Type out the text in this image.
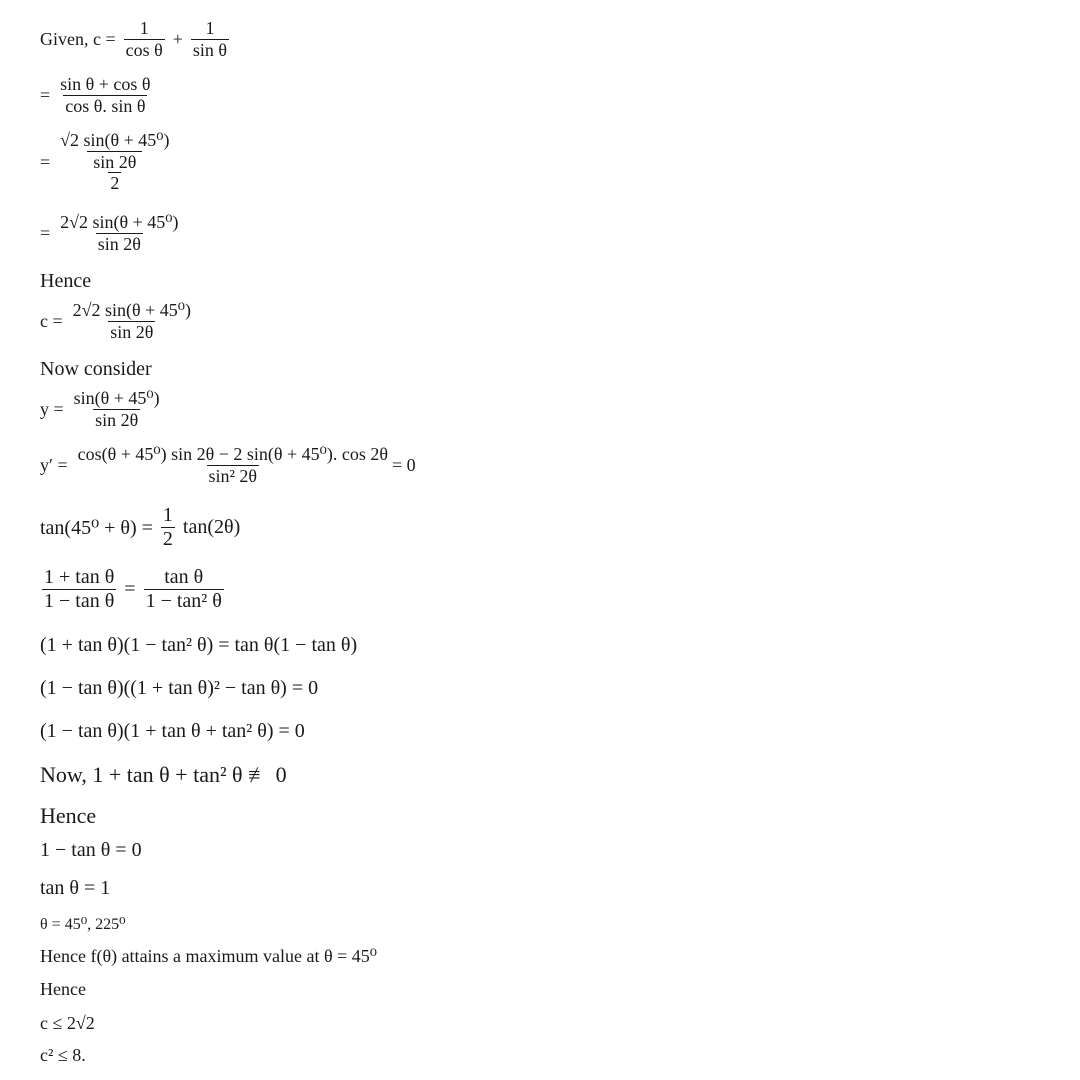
Given, $c = \frac{1}{\text{cos θ}} + \frac{1}{\text{sin θ}}$
= $\frac{\text{sin θ + cos θ}}{\text{cos θ. sin θ}}$
= $\frac{\text{√2 sin(θ + 45⁰)}}{\frac{\sin 2\theta}{2}}$
= $\frac{\text{2√2 sin(θ + 45⁰)}}{\sin 2\theta}$
Hence
$c = \frac{\text{2√2 sin(θ + 45⁰)}}{\sin 2\theta}$
Now consider
$y = \frac{\text{sin(θ + 45⁰)}}{\sin 2\theta}$
$y' = \frac{\text{cos(θ + 45⁰) sin 2θ − 2 sin(θ + 45⁰). cos 2θ}}{\text{sin² 2θ}} = 0$
$\tan(45^0 + \theta) = \frac{1}{2} \tan(2\theta)$
$\frac{\text{1 + tan θ}}{\text{1 − tan θ}} = \frac{\text{tan θ}}{\text{1 − tan² θ}}$
(1 + tan θ)(1 − tan² θ) = tan θ(1 − tan θ)
(1 − tan θ)((1 + tan θ)² − tan θ) = 0
(1 − tan θ)(1 + tan θ + tan² θ) = 0
Now, 1 + tan θ + tan² θ ≢ 0
Hence
1 − tan θ = 0
tan θ = 1
θ = 45⁰, 225⁰
Hence f(θ) attains a maximum value at θ = 45⁰
Hence
c ≤ 2√2
c² ≤ 8.
